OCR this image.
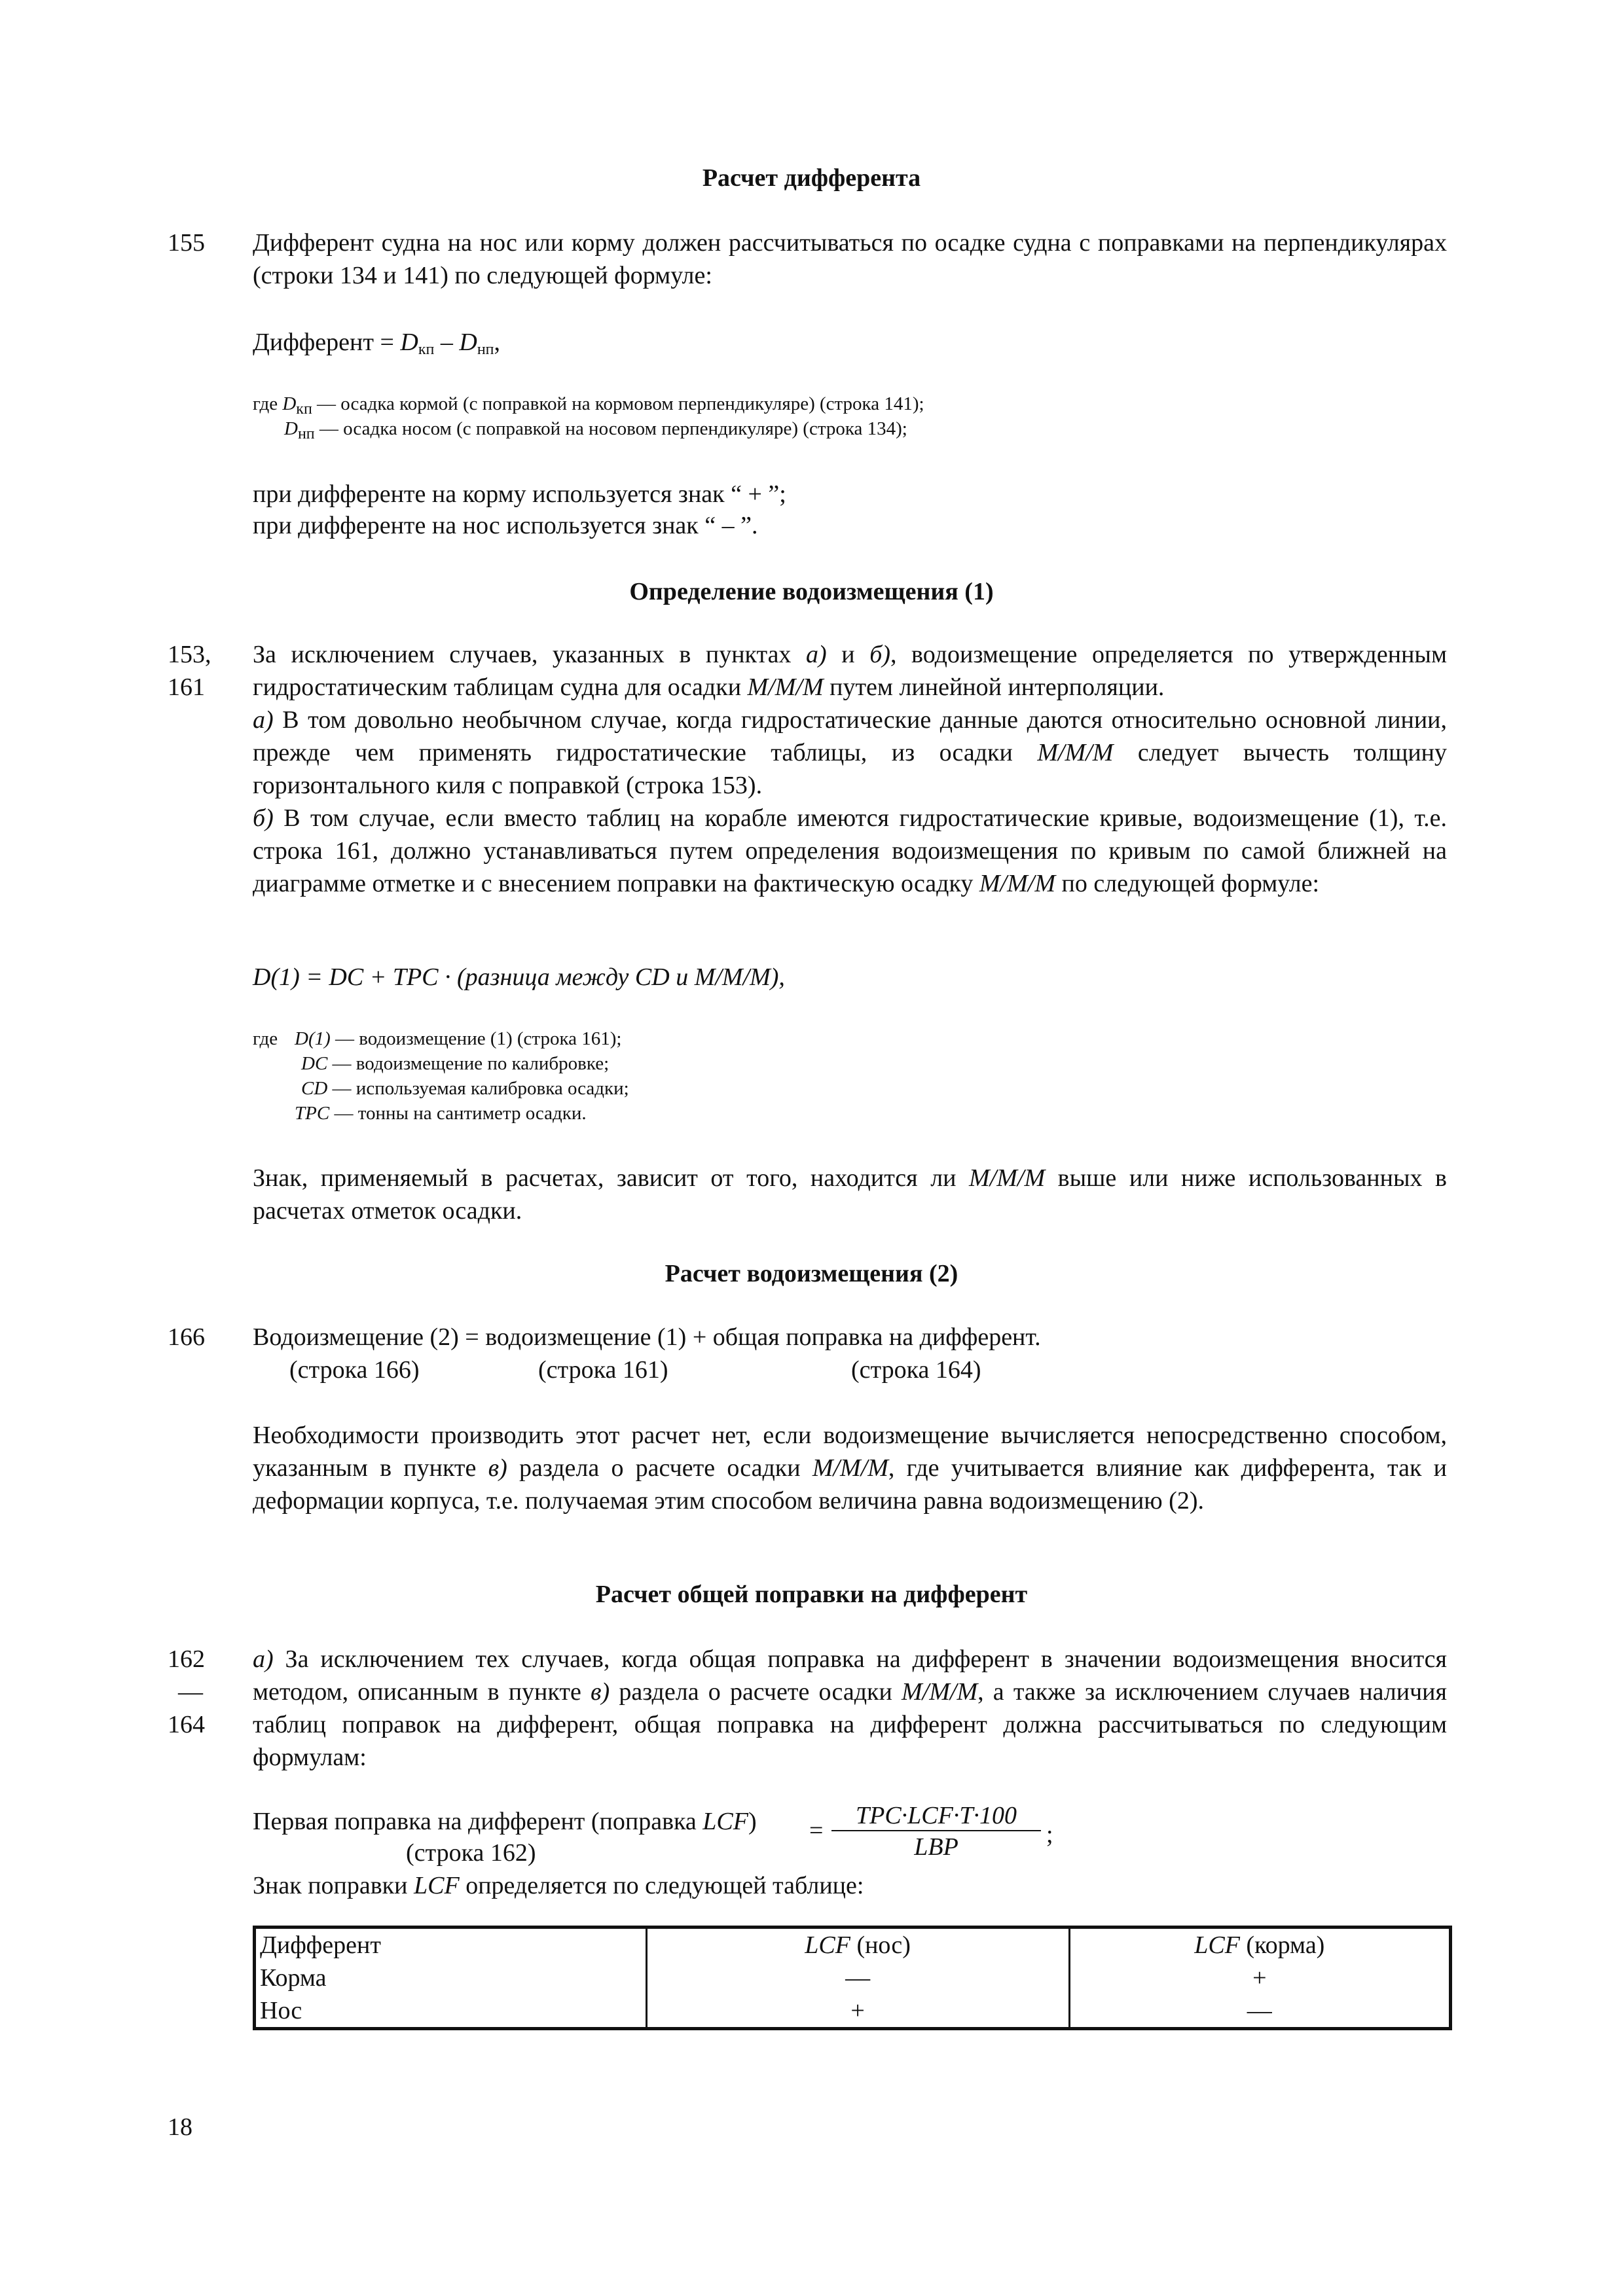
Расчет дифферента
155 Дифферент судна на нос или корму должен рассчитываться по осадке судна с поправками на перпендикулярах (строки 134 и 141) по следующей формуле:
Дифферент = $D_{кп} - D_{нп}$,
где $D_{кп}$ — осадка кормой (с поправкой на кормовом перпендикуляре) (строка 141);
$D_{нп}$ — осадка носом (с поправкой на носовом перпендикуляре) (строка 134);
при дифференте на корму используется знак “ + ”;
при дифференте на нос используется знак “ – ”.
Определение водоизмещения (1)
153,
161
За исключением случаев, указанных в пунктах а) и б), водоизмещение определяется по утвержденным гидростатическим таблицам судна для осадки M/M/M путем линейной интерполяции.
а) В том довольно необычном случае, когда гидростатические данные даются относительно основной линии, прежде чем применять гидростатические таблицы, из осадки M/M/M следует вычесть толщину горизонтального киля с поправкой (строка 153).
б) В том случае, если вместо таблиц на корабле имеются гидростатические кривые, водоизмещение (1), т.е. строка 161, должно устанавливаться путем определения водоизмещения по кривым по самой ближней на диаграмме отметке и с внесением поправки на фактическую осадку M/M/M по следующей формуле:
D(1) = DC + TPC · (разница между CD и M/M/M),
где D(1) — водоизмещение (1) (строка 161);
DC — водоизмещение по калибровке;
CD — используемая калибровка осадки;
TPC — тонны на сантиметр осадки.
Знак, применяемый в расчетах, зависит от того, находится ли M/M/M выше или ниже использованных в расчетах отметок осадки.
Расчет водоизмещения (2)
166 Водоизмещение (2) = водоизмещение (1) + общая поправка на дифферент.
(строка 166)	(строка 161)	(строка 164)
Необходимости производить этот расчет нет, если водоизмещение вычисляется непосредственно способом, указанным в пункте в) раздела о расчете осадки M/M/M, где учитывается влияние как дифферента, так и деформации корпуса, т.е. получаемая этим способом величина равна водоизмещению (2).
Расчет общей поправки на дифферент
162
—
164
а) За исключением тех случаев, когда общая поправка на дифферент в значении водоизмещения вносится методом, описанным в пункте в) раздела о расчете осадки M/M/M, а также за исключением случаев наличия таблиц поправок на дифферент, общая поправка на дифферент должна рассчитываться по следующим формулам:
Первая поправка на дифферент (поправка LCF) =
TPC·LCF·T·100
LBP	;
(строка 162)
Знак поправки LCF определяется по следующей таблице:
Дифферент	LCF (нос)	LCF (корма)
Корма	—	+
Нос	+	—
18
